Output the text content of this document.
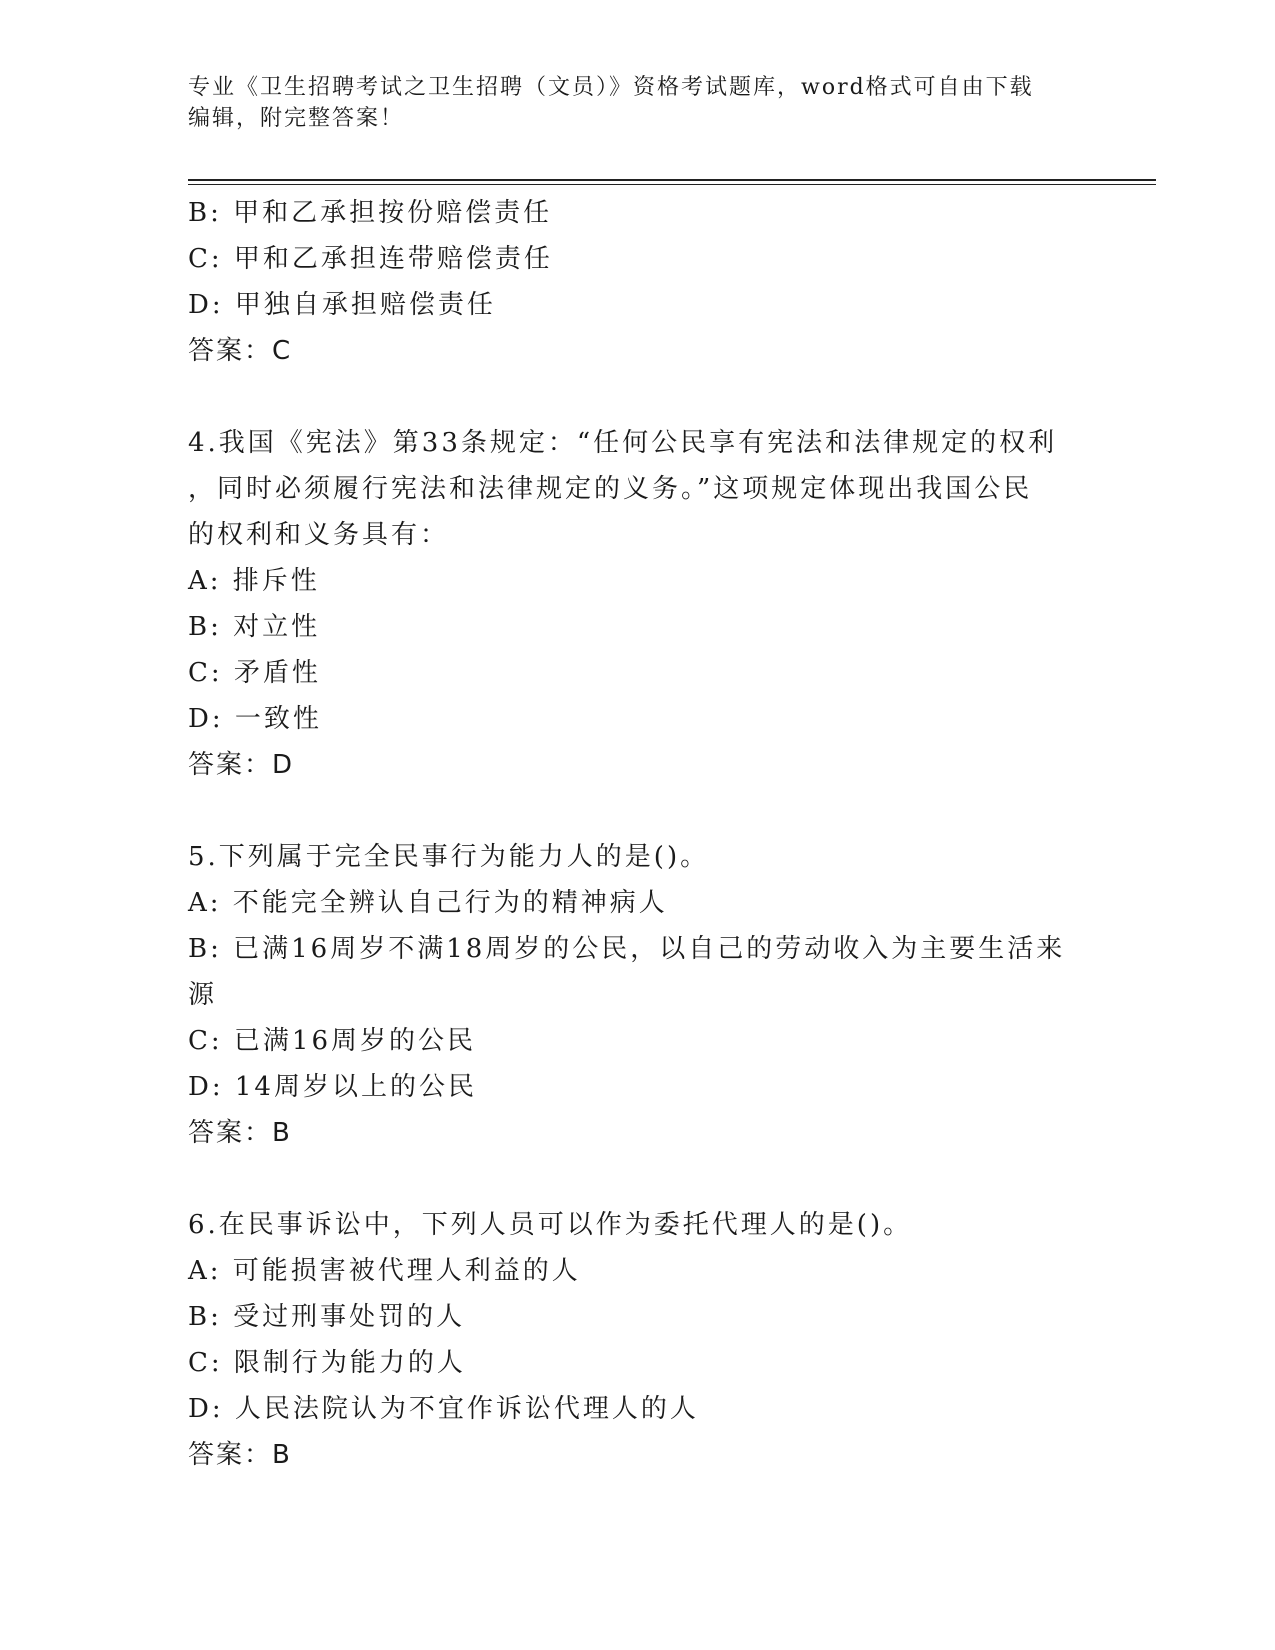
专业《卫生招聘考试之卫生招聘（文员）》资格考试题库，word格式可自由下载
编辑，附完整答案！

B: 甲和乙承担按份赔偿责任

C: 甲和乙承担连带赔偿责任

D: 甲独自承担赔偿责任

答案：C

4.我国《宪法》第33条规定：“任何公民享有宪法和法律规定的权利

，同时必须履行宪法和法律规定的义务。”这项规定体现出我国公民

的权利和义务具有：

A: 排斥性

B: 对立性

C: 矛盾性

D: 一致性

答案：D

5.下列属于完全民事行为能力人的是()。

A: 不能完全辨认自己行为的精神病人

B: 已满16周岁不满18周岁的公民，以自己的劳动收入为主要生活来

源

C: 已满16周岁的公民

D: 14周岁以上的公民

答案：B

6.在民事诉讼中，下列人员可以作为委托代理人的是()。

A: 可能损害被代理人利益的人

B: 受过刑事处罚的人

C: 限制行为能力的人

D: 人民法院认为不宜作诉讼代理人的人

答案：B
